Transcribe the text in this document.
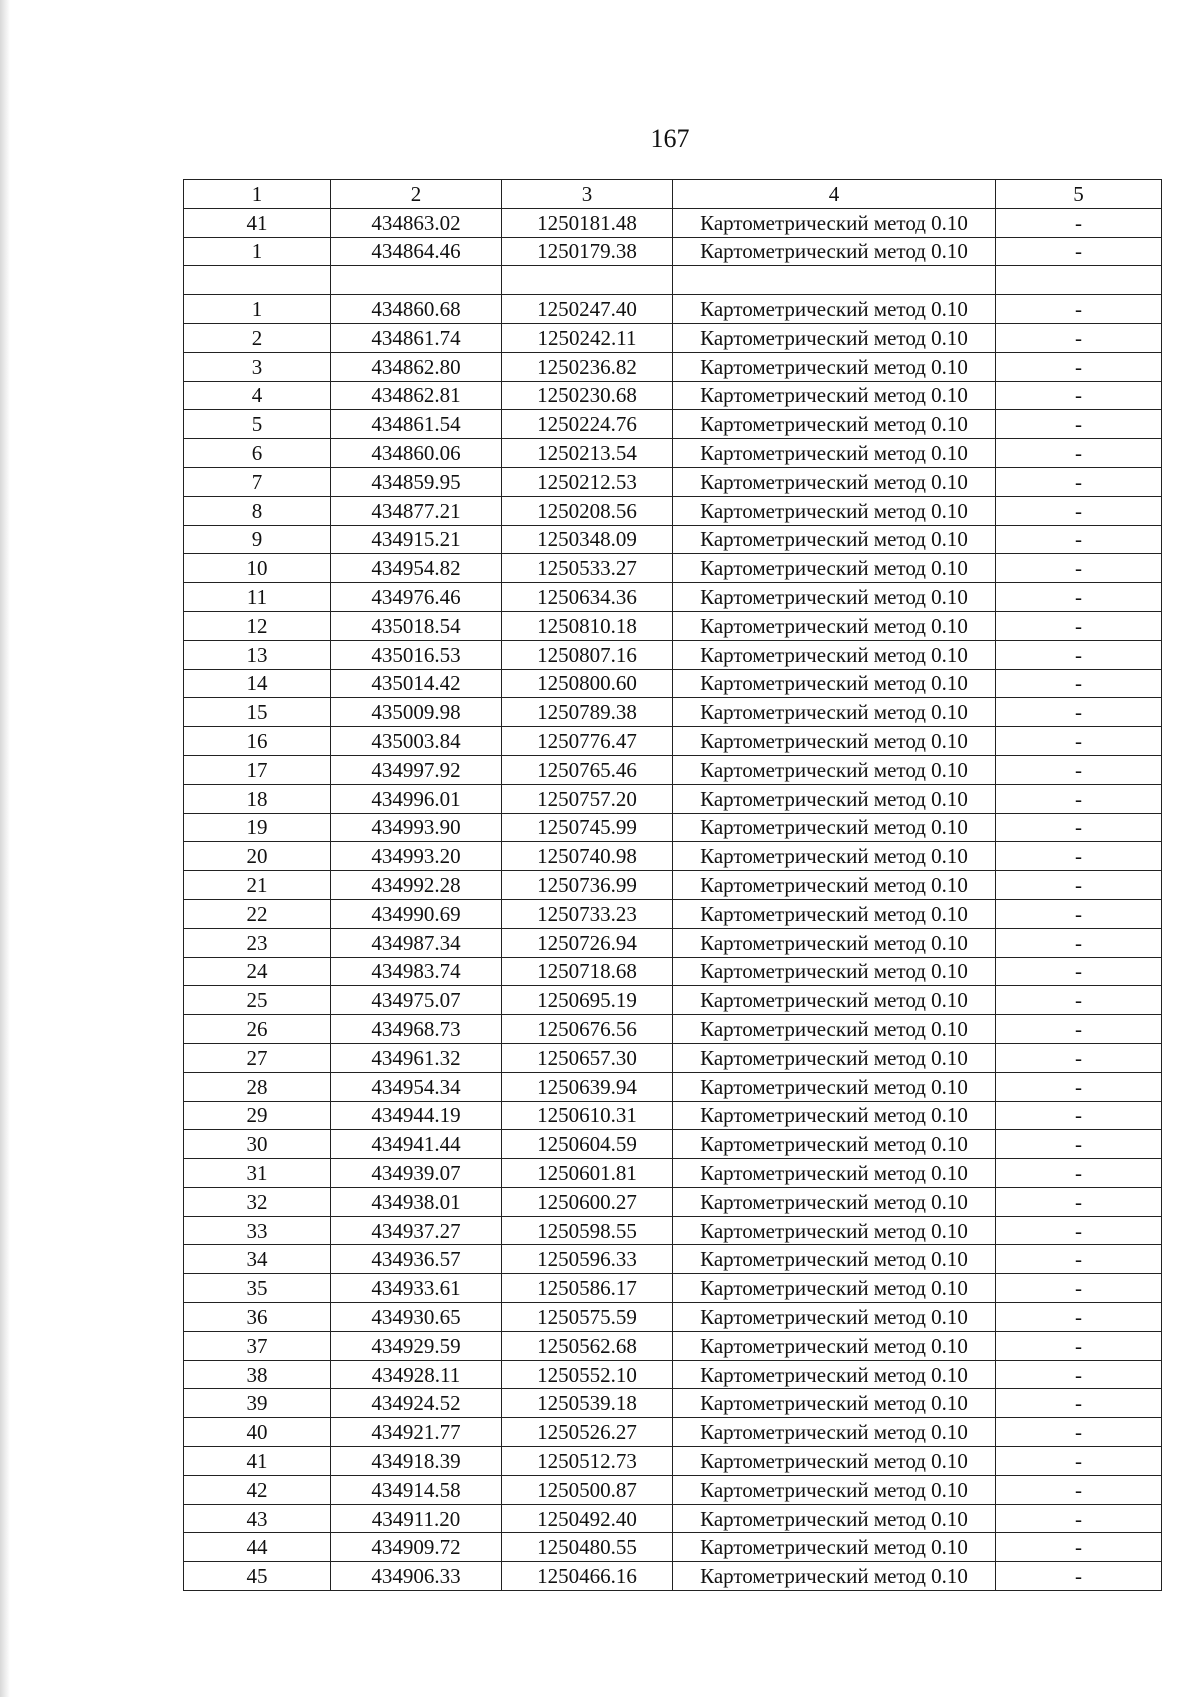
167
1	2	3	4	5
41	434863.02	1250181.48	Картометрический метод 0.10	-
1	434864.46	1250179.38	Картометрический метод 0.10	-

1	434860.68	1250247.40	Картометрический метод 0.10	-
2	434861.74	1250242.11	Картометрический метод 0.10	-
3	434862.80	1250236.82	Картометрический метод 0.10	-
4	434862.81	1250230.68	Картометрический метод 0.10	-
5	434861.54	1250224.76	Картометрический метод 0.10	-
6	434860.06	1250213.54	Картометрический метод 0.10	-
7	434859.95	1250212.53	Картометрический метод 0.10	-
8	434877.21	1250208.56	Картометрический метод 0.10	-
9	434915.21	1250348.09	Картометрический метод 0.10	-
10	434954.82	1250533.27	Картометрический метод 0.10	-
11	434976.46	1250634.36	Картометрический метод 0.10	-
12	435018.54	1250810.18	Картометрический метод 0.10	-
13	435016.53	1250807.16	Картометрический метод 0.10	-
14	435014.42	1250800.60	Картометрический метод 0.10	-
15	435009.98	1250789.38	Картометрический метод 0.10	-
16	435003.84	1250776.47	Картометрический метод 0.10	-
17	434997.92	1250765.46	Картометрический метод 0.10	-
18	434996.01	1250757.20	Картометрический метод 0.10	-
19	434993.90	1250745.99	Картометрический метод 0.10	-
20	434993.20	1250740.98	Картометрический метод 0.10	-
21	434992.28	1250736.99	Картометрический метод 0.10	-
22	434990.69	1250733.23	Картометрический метод 0.10	-
23	434987.34	1250726.94	Картометрический метод 0.10	-
24	434983.74	1250718.68	Картометрический метод 0.10	-
25	434975.07	1250695.19	Картометрический метод 0.10	-
26	434968.73	1250676.56	Картометрический метод 0.10	-
27	434961.32	1250657.30	Картометрический метод 0.10	-
28	434954.34	1250639.94	Картометрический метод 0.10	-
29	434944.19	1250610.31	Картометрический метод 0.10	-
30	434941.44	1250604.59	Картометрический метод 0.10	-
31	434939.07	1250601.81	Картометрический метод 0.10	-
32	434938.01	1250600.27	Картометрический метод 0.10	-
33	434937.27	1250598.55	Картометрический метод 0.10	-
34	434936.57	1250596.33	Картометрический метод 0.10	-
35	434933.61	1250586.17	Картометрический метод 0.10	-
36	434930.65	1250575.59	Картометрический метод 0.10	-
37	434929.59	1250562.68	Картометрический метод 0.10	-
38	434928.11	1250552.10	Картометрический метод 0.10	-
39	434924.52	1250539.18	Картометрический метод 0.10	-
40	434921.77	1250526.27	Картометрический метод 0.10	-
41	434918.39	1250512.73	Картометрический метод 0.10	-
42	434914.58	1250500.87	Картометрический метод 0.10	-
43	434911.20	1250492.40	Картометрический метод 0.10	-
44	434909.72	1250480.55	Картометрический метод 0.10	-
45	434906.33	1250466.16	Картометрический метод 0.10	-
